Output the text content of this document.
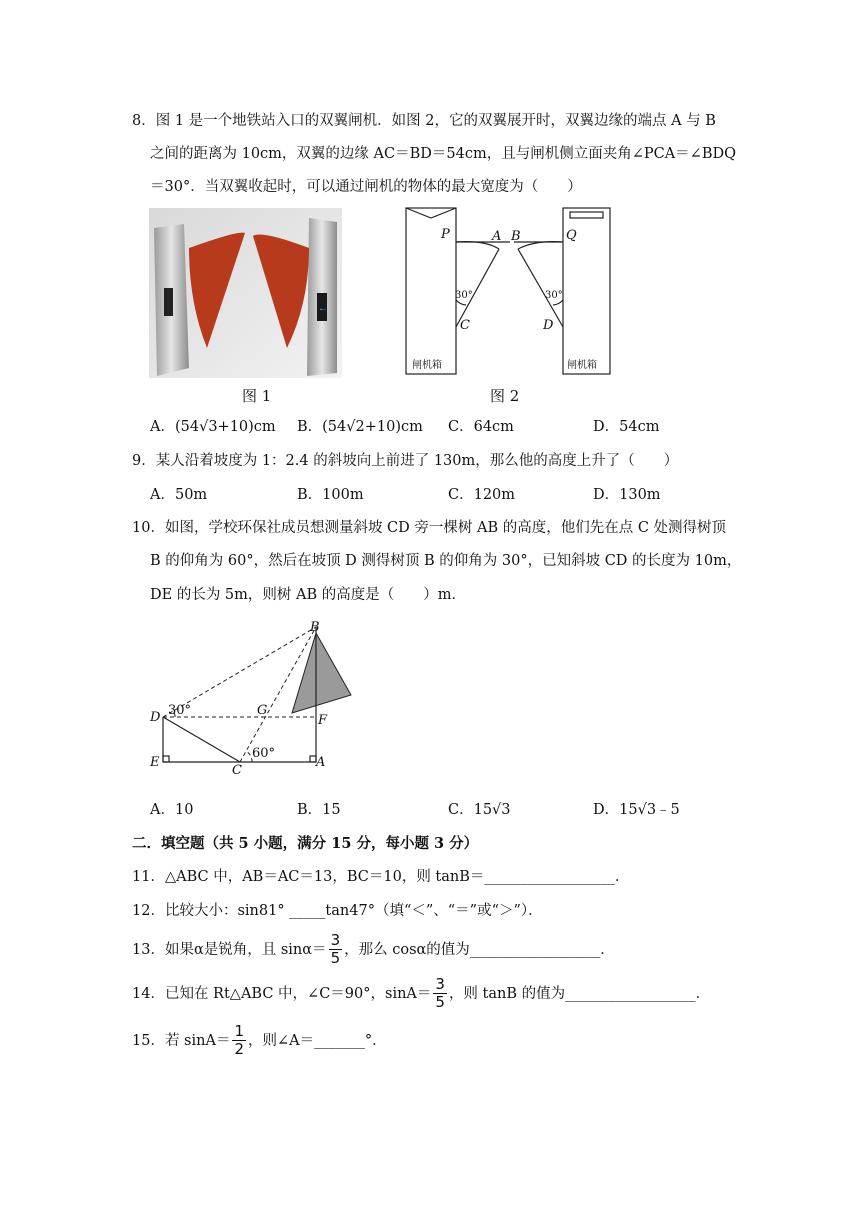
8．图 1 是一个地铁站入口的双翼闸机．如图 2，它的双翼展开时，双翼边缘的端点 A 与 B
之间的距离为 10cm，双翼的边缘 AC＝BD＝54cm，且与闸机侧立面夹角∠PCA＝∠BDQ
＝30°．当双翼收起时，可以通过闸机的物体的最大宽度为（　　）
←
图 1
P	A B	Q
C	D
30°	30°
闸机箱	闸机箱
图 2
A．(54√3+10)cm B．(54√2+10)cm C．64cm	D．54cm
9．某人沿着坡度为 1：2.4 的斜坡向上前进了 130m，那么他的高度上升了（　　）
A．50m	B．100m	C．120m	D．130m
10．如图，学校环保社成员想测量斜坡 CD 旁一棵树 AB 的高度，他们先在点 C 处测得树顶
B 的仰角为 60°，然后在坡顶 D 测得树顶 B 的仰角为 30°，已知斜坡 CD 的长度为 10m，
DE 的长为 5m，则树 AB 的高度是（　　）m．
B
D 30°	G
F
E
C
60°
A
A．10	B．15	C．15√3	D．15√3﹣5
二．填空题（共 5 小题，满分 15 分，每小题 3 分）
11．△ABC 中，AB＝AC＝13，BC＝10，则 tanB＝__________________．
12．比较大小：sin81° _____tan47°（填“＜”、“＝”或“＞”）．
13．如果α是锐角，且 $\sin\alpha= \frac{3}{5}$ ，那么 cosα的值为__________________．
14．已知在 Rt△ABC 中，∠C＝90°，$\sin A= \frac{3}{5}$ ，则 tanB 的值为__________________．
15．若 $\sin A= \frac{1}{2}$ ，则∠A＝_______°．
